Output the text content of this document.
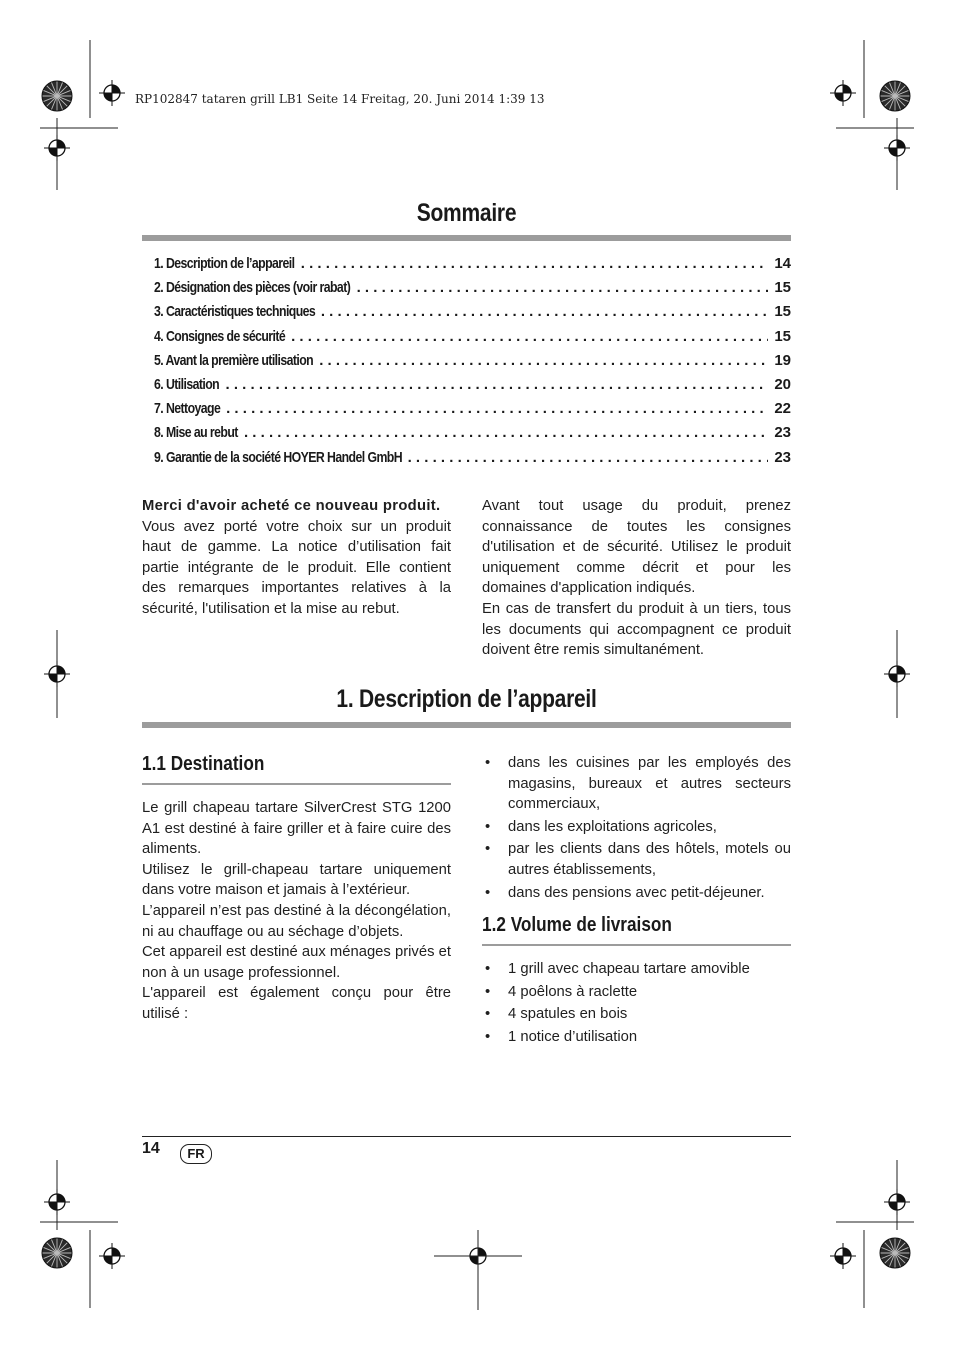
RP102847 tataren grill LB1 Seite 14 Freitag, 20. Juni 2014 1:39 13
Sommaire
1. Description de l’appareil . . .	14
2. Désignation des pièces (voir rabat) . . .	15
3. Caractéristiques techniques . . .	15
4. Consignes de sécurité . . .	15
5. Avant la première utilisation . . .	19
6. Utilisation . . .	20
7. Nettoyage . . .	22
8. Mise au rebut . . .	23
9. Garantie de la société HOYER Handel GmbH . . .	23

Merci d'avoir acheté ce nouveau produit.

Vous avez porté votre choix sur un produit haut de gamme. La notice d’utilisation fait partie intégrante de le produit. Elle contient des remarques importantes relatives à la sécurité, l'utilisation et la mise au rebut.

Avant tout usage du produit, prenez connaissance de toutes les consignes d'utilisation et de sécurité. Utilisez le produit uniquement comme décrit et pour les domaines d'application indiqués.

En cas de transfert du produit à un tiers, tous les documents qui accompagnent ce produit doivent être remis simultanément.

1. Description de l’appareil
1.1 Destination

Le grill chapeau tartare SilverCrest STG 1200 A1 est destiné à faire griller et à faire cuire des aliments.

Utilisez le grill-chapeau tartare uniquement dans votre maison et jamais à l’extérieur.

L’appareil n’est pas destiné à la décongélation, ni au chauffage ou au séchage d’objets.

Cet appareil est destiné aux ménages privés et non à un usage professionnel.

L'appareil est également conçu pour être utilisé :

• dans les cuisines par les employés des magasins, bureaux et autres secteurs commerciaux,
• dans les exploitations agricoles,
• par les clients dans des hôtels, motels ou autres établissements,
• dans des pensions avec petit-déjeuner.
1.2 Volume de livraison
• 1 grill avec chapeau tartare amovible
• 4 poêlons à raclette
• 4 spatules en bois
• 1 notice d’utilisation
14	FR
